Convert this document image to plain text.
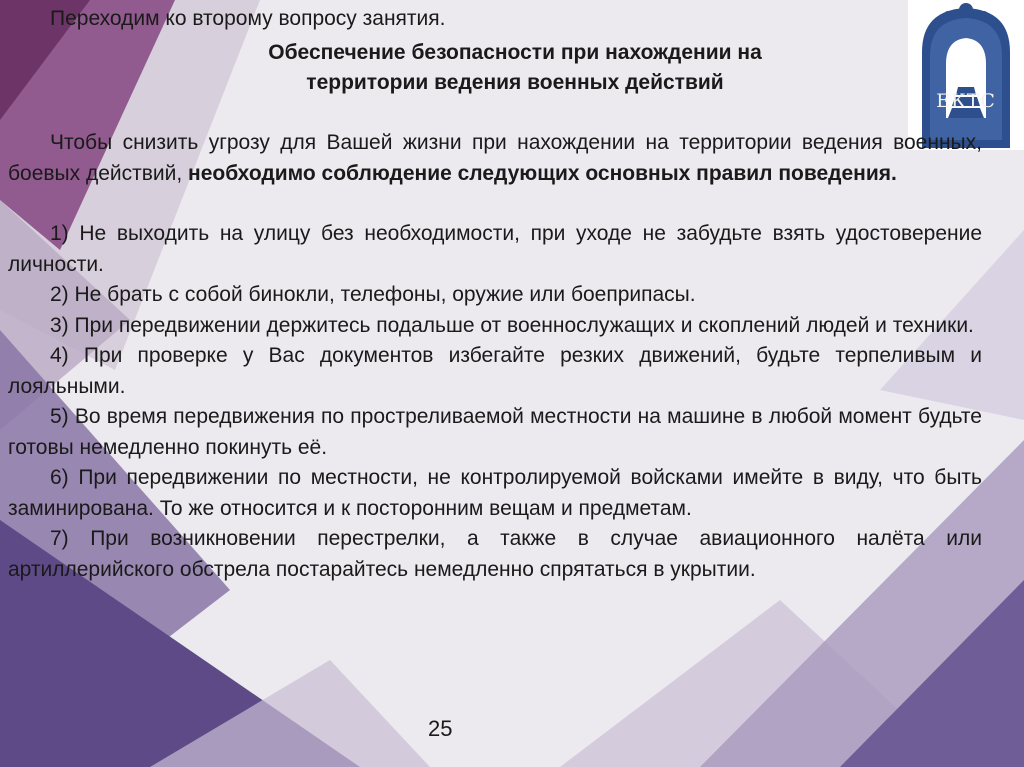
Переходим ко второму вопросу занятия.
Обеспечение безопасности при нахождении на
территории ведения военных действий
ЕКТС

Чтобы снизить угрозу для Вашей жизни при нахождении на территории ведения военных, боевых действий, необходимо соблюдение следующих основных правил поведения.

1) Не выходить на улицу без необходимости, при уходе не забудьте взять удостоверение личности.

2) Не брать с собой бинокли, телефоны, оружие или боеприпасы.

3) При передвижении держитесь подальше от военнослужащих и скоплений людей и техники.

4) При проверке у Вас документов избегайте резких движений, будьте терпеливым и лояльными.

5) Во время передвижения по простреливаемой местности на машине в любой момент будьте готовы немедленно покинуть её.

6) При передвижении по местности, не контролируемой войсками имейте в виду, что быть заминирована. То же относится и к посторонним вещам и предметам.

7) При возникновении перестрелки, а также в случае авиационного налёта или артиллерийского обстрела постарайтесь немедленно спрятаться в укрытии.

25
